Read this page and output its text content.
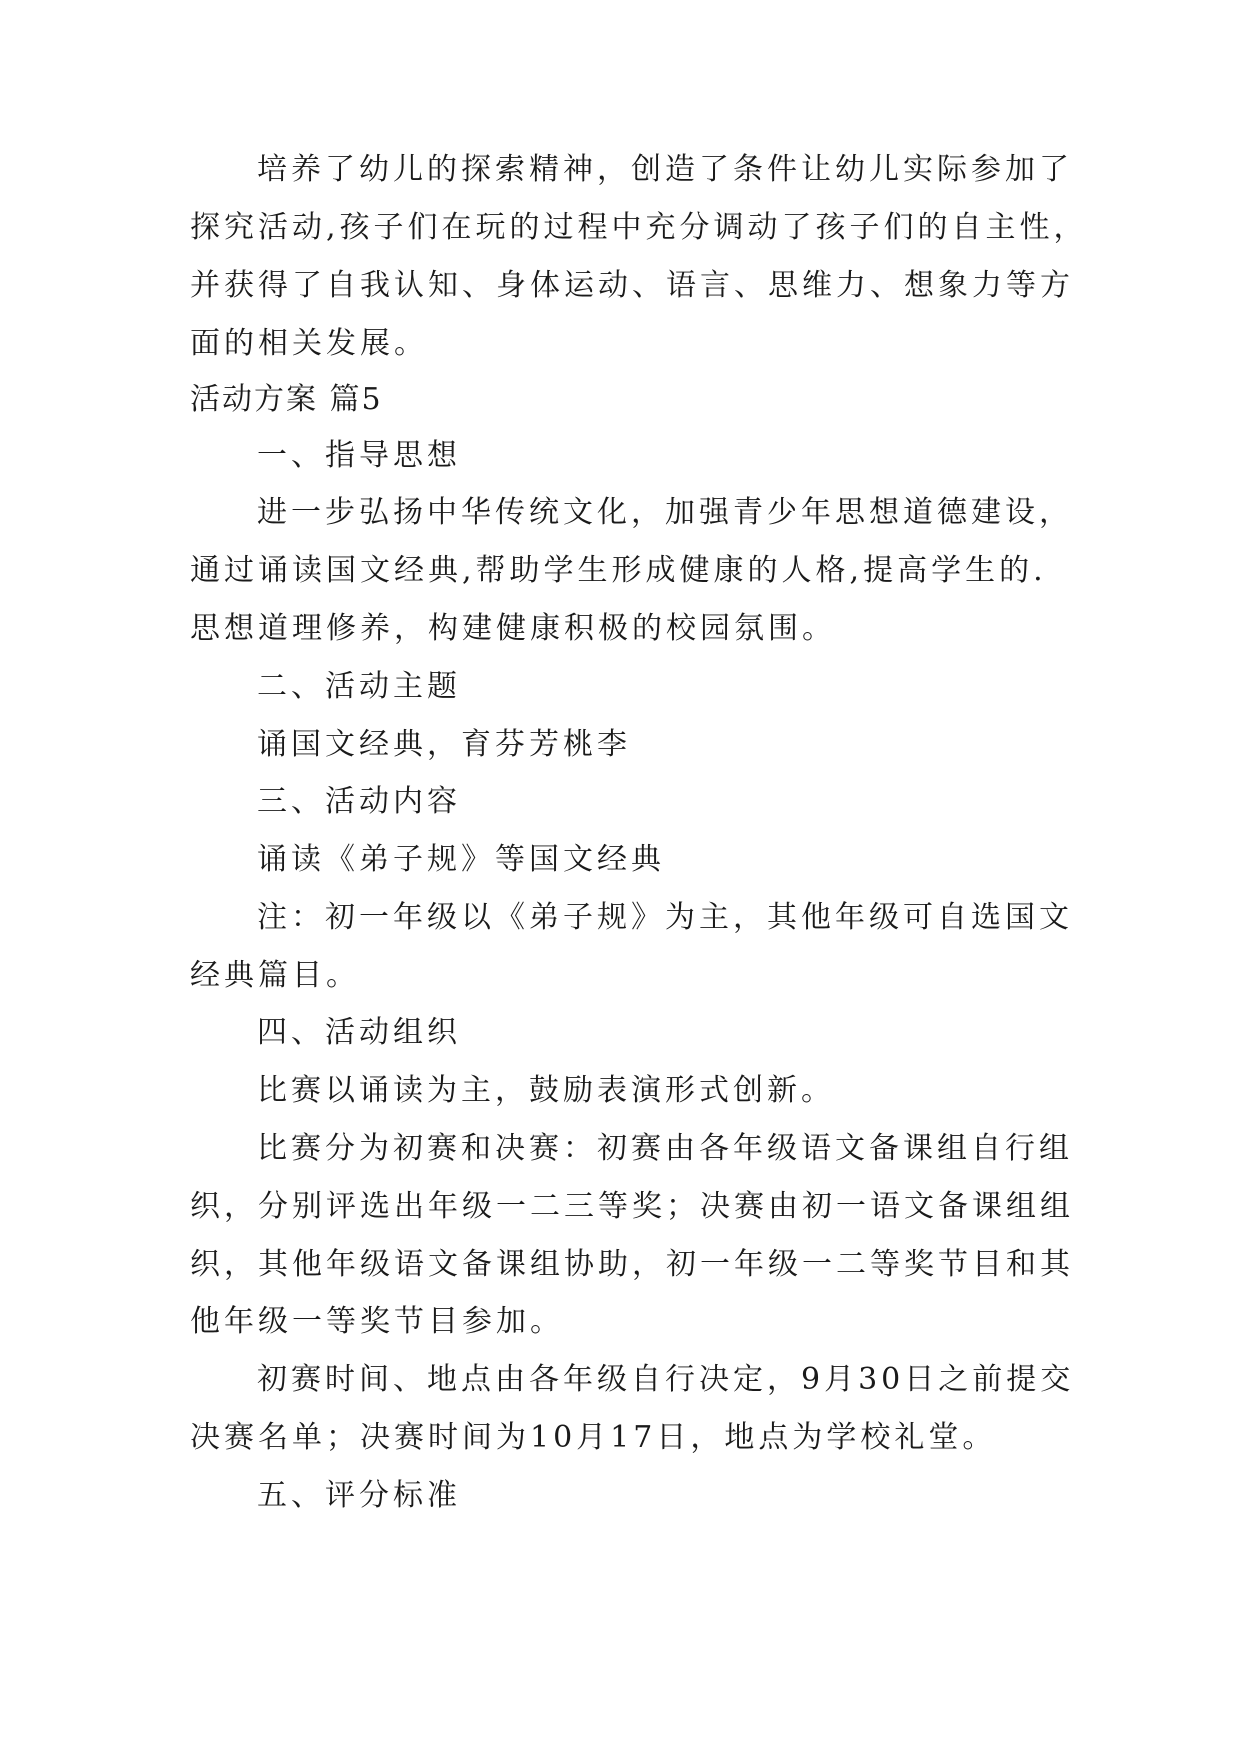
培养了幼儿的探索精神，创造了条件让幼儿实际参加了
探究活动,孩子们在玩的过程中充分调动了孩子们的自主性，
并获得了自我认知、身体运动、语言、思维力、想象力等方
面的相关发展。
活动方案 篇5
一、指导思想
进一步弘扬中华传统文化，加强青少年思想道德建设，
通过诵读国文经典,帮助学生形成健康的人格,提高学生的.
思想道理修养，构建健康积极的校园氛围。
二、活动主题
诵国文经典，育芬芳桃李
三、活动内容
诵读《弟子规》等国文经典
注：初一年级以《弟子规》为主，其他年级可自选国文
经典篇目。
四、活动组织
比赛以诵读为主，鼓励表演形式创新。
比赛分为初赛和决赛：初赛由各年级语文备课组自行组
织，分别评选出年级一二三等奖；决赛由初一语文备课组组
织，其他年级语文备课组协助，初一年级一二等奖节目和其
他年级一等奖节目参加。
初赛时间、地点由各年级自行决定，9月30日之前提交
决赛名单；决赛时间为10月17日，地点为学校礼堂。
五、评分标准
